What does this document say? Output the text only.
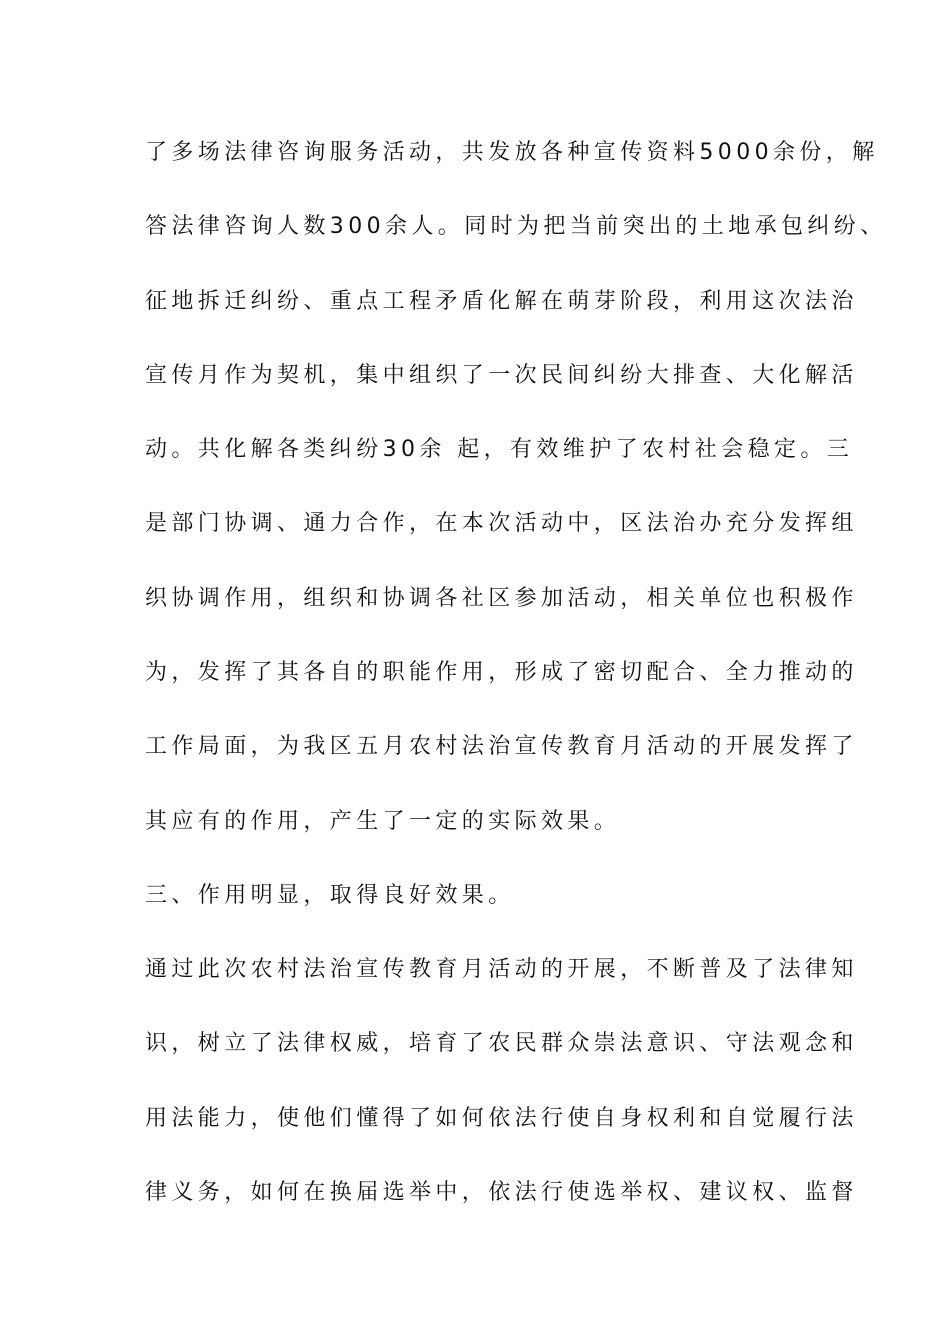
了多场法律咨询服务活动，共发放各种宣传资料5000余份，解
答法律咨询人数300余人。同时为把当前突出的土地承包纠纷、
征地拆迁纠纷、重点工程矛盾化解在萌芽阶段，利用这次法治
宣传月作为契机，集中组织了一次民间纠纷大排查、大化解活
动。共化解各类纠纷30余 起，有效维护了农村社会稳定。三
是部门协调、通力合作，在本次活动中，区法治办充分发挥组
织协调作用，组织和协调各社区参加活动，相关单位也积极作
为，发挥了其各自的职能作用，形成了密切配合、全力推动的
工作局面，为我区五月农村法治宣传教育月活动的开展发挥了
其应有的作用，产生了一定的实际效果。
三、作用明显，取得良好效果。
通过此次农村法治宣传教育月活动的开展，不断普及了法律知
识，树立了法律权威，培育了农民群众崇法意识、守法观念和
用法能力，使他们懂得了如何依法行使自身权利和自觉履行法
律义务，如何在换届选举中，依法行使选举权、建议权、监督
